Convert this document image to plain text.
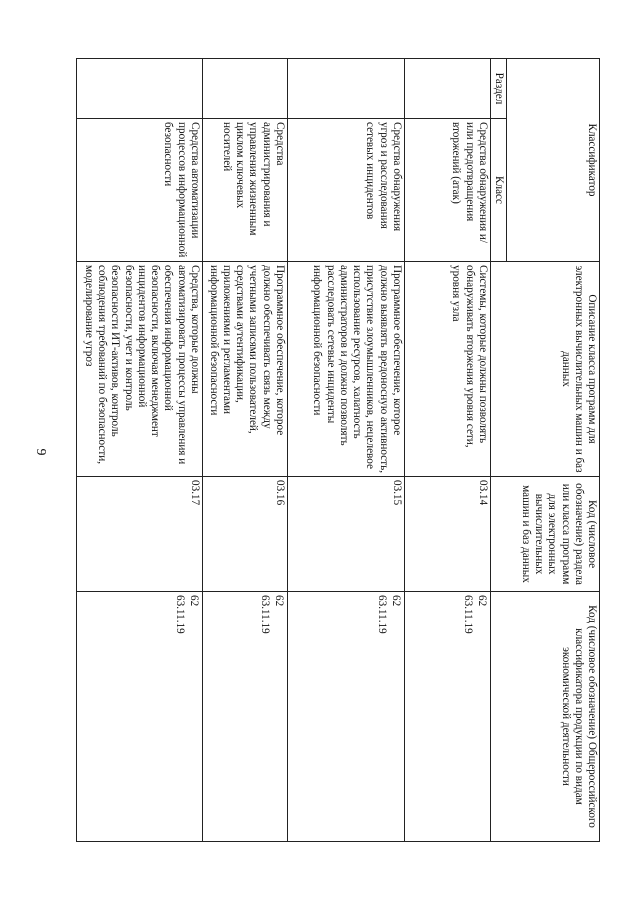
9
Классификатор		Описание класса программ для электронных вычислительных машин и баз данных	Код (числовое обозначение) раздела или класса программ для электронных вычислительных машин и баз данных	Код (числовое обозначение) Общероссийского классификатора продукции по видам экономической деятельности
Раздел	Класс			
	Средства обнаружения и/или предотвращения вторжений (атак)	Системы, которые должны позволять обнаруживать вторжения уровня сети, уровня узла	03.14	62
63.11.19

	Средства обнаружения угроз и расследования сетевых инцидентов	Программное обеспечение, которое должно выявлять вредоносную активность, присутствие злоумышленников, нецелевое использование ресурсов, халатность администраторов и должно позволять расследовать сетевые инциденты информационной безопасности	03.15	62
63.11.19

	Средства администрирования и управления жизненным циклом ключевых носителей	Программное обеспечение, которое должно обеспечивать связь между учетными записями пользователей, средствами аутентификации, приложениями и регламентами информационной безопасности	03.16	62
63.11.19

	Средства автоматизации процессов информационной безопасности	Средства, которые должны автоматизировать процессы управления и обеспечения информационной безопасности, включая менеджмент инцидентов информационной безопасности, учет и контроль безопасности ИТ-активов, контроль соблюдения требований по безопасности, моделирование угроз	03.17	62
63.11.19
